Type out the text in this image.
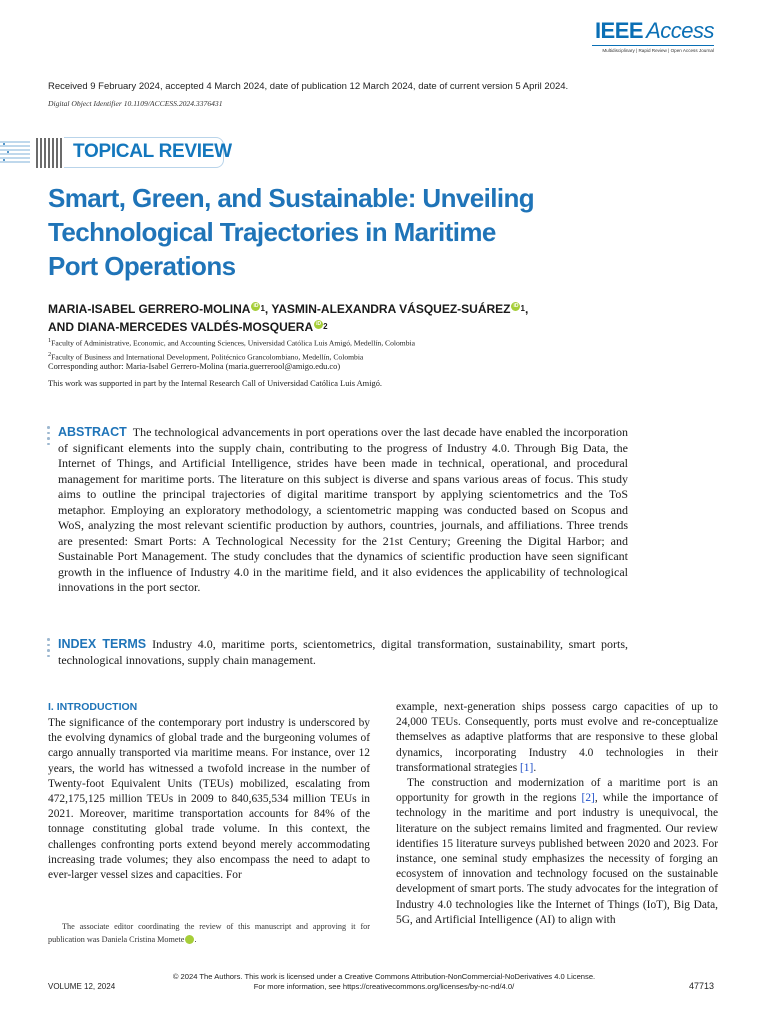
IEEE Access
Multidisciplinary | Rapid Review | Open Access Journal
Received 9 February 2024, accepted 4 March 2024, date of publication 12 March 2024, date of current version 5 April 2024.
Digital Object Identifier 10.1109/ACCESS.2024.3376431
TOPICAL REVIEW
Smart, Green, and Sustainable: Unveiling
Technological Trajectories in Maritime
Port Operations
MARIA-ISABEL GERRERO-MOLINA iD $^1$, YASMIN-ALEXANDRA VÁSQUEZ-SUÁREZ iD $^1$,
AND DIANA-MERCEDES VALDÉS-MOSQUERA iD $^2$
$^1$Faculty of Administrative, Economic, and Accounting Sciences, Universidad Católica Luis Amigó, Medellín, Colombia
$^2$Faculty of Business and International Development, Politécnico Grancolombiano, Medellín, Colombia
Corresponding author: Maria-Isabel Gerrero-Molina (maria.guerrerool@amigo.edu.co)
This work was supported in part by the Internal Research Call of Universidad Católica Luis Amigó.
ABSTRACT The technological advancements in port operations over the last decade have enabled the incorporation of significant elements into the supply chain, contributing to the progress of Industry 4.0. Through Big Data, the Internet of Things, and Artificial Intelligence, strides have been made in technical, operational, and procedural management for maritime ports. The literature on this subject is diverse and spans various areas of focus. This study aims to outline the principal trajectories of digital maritime transport by applying scientometrics and the ToS metaphor. Employing an exploratory methodology, a scientometric mapping was conducted based on Scopus and WoS, analyzing the most relevant scientific production by authors, countries, journals, and affiliations. Three trends are presented: Smart Ports: A Technological Necessity for the 21st Century; Greening the Digital Harbor; and Sustainable Port Management. The study concludes that the dynamics of scientific production have seen significant growth in the influence of Industry 4.0 in the maritime field, and it also evidences the applicability of technological innovations in the port sector.
INDEX TERMS Industry 4.0, maritime ports, scientometrics, digital transformation, sustainability, smart ports, technological innovations, supply chain management.
I. INTRODUCTION

The significance of the contemporary port industry is underscored by the evolving dynamics of global trade and the burgeoning volumes of cargo annually transported via maritime means. For instance, over 12 years, the world has witnessed a twofold increase in the number of Twenty-foot Equivalent Units (TEUs) mobilized, escalating from 472,175,125 million TEUs in 2009 to 840,635,534 million TEUs in 2021. Moreover, maritime transportation accounts for 84% of the tonnage constituting global trade volume. In this context, the challenges confronting ports extend beyond merely accommodating increasing trade volumes; they also encompass the need to adapt to ever-larger vessel sizes and capacities. For

example, next-generation ships possess cargo capacities of up to 24,000 TEUs. Consequently, ports must evolve and re-conceptualize themselves as adaptive platforms that are responsive to these global dynamics, incorporating Industry 4.0 technologies in their transformational strategies [1].

The construction and modernization of a maritime port is an opportunity for growth in the regions [2], while the importance of technology in the maritime and port industry is unequivocal, the literature on the subject remains limited and fragmented. Our review identifies 15 literature surveys published between 2020 and 2023. For instance, one seminal study emphasizes the necessity of forging an ecosystem of innovation and technology focused on the sustainable development of smart ports. The study advocates for the integration of Industry 4.0 technologies like the Internet of Things (IoT), Big Data, 5G, and Artificial Intelligence (AI) to align with

The associate editor coordinating the review of this manuscript and approving it for publication was Daniela Cristina Momete	iD.
© 2024 The Authors. This work is licensed under a Creative Commons Attribution-NonCommercial-NoDerivatives 4.0 License.
For more information, see https://creativecommons.org/licenses/by-nc-nd/4.0/
VOLUME 12, 2024	47713
